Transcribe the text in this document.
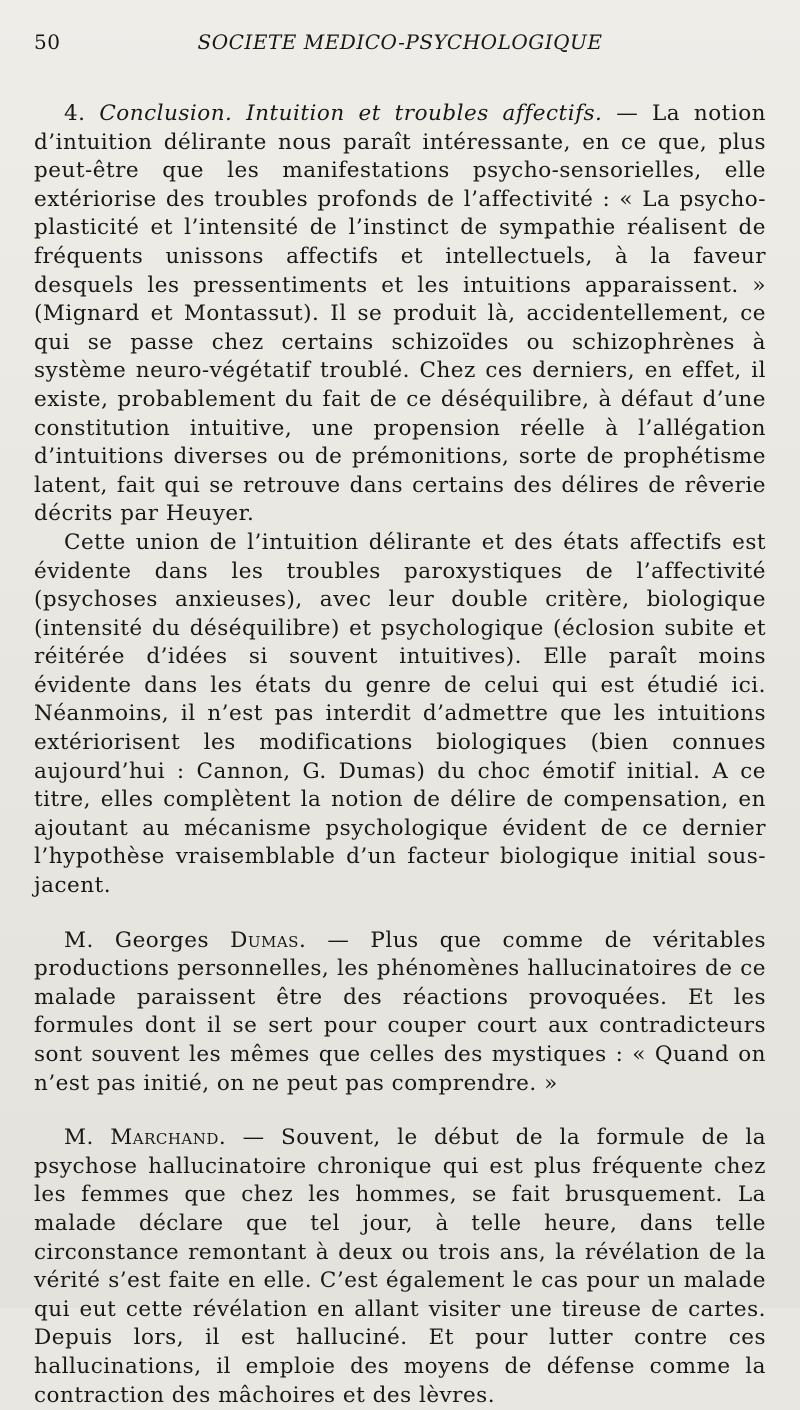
50	SOCIETE MEDICO-PSYCHOLOGIQUE

4. Conclusion. Intuition et troubles affectifs. — La notion d’intuition délirante nous paraît intéressante, en ce que, plus peut-être que les manifestations psycho-sensorielles, elle extériorise des troubles profonds de l’affectivité : « La psycho-plasticité et l’intensité de l’instinct de sympathie réalisent de fréquents unissons affectifs et intellectuels, à la faveur desquels les pressentiments et les intuitions apparaissent. » (Mignard et Montassut). Il se produit là, accidentellement, ce qui se passe chez certains schizoïdes ou schizophrènes à système neuro-végétatif troublé. Chez ces derniers, en effet, il existe, probablement du fait de ce déséquilibre, à défaut d’une constitution intuitive, une propension réelle à l’allégation d’intuitions diverses ou de prémonitions, sorte de prophétisme latent, fait qui se retrouve dans certains des délires de rêverie décrits par Heuyer.

Cette union de l’intuition délirante et des états affectifs est évidente dans les troubles paroxystiques de l’affectivité (psychoses anxieuses), avec leur double critère, biologique (intensité du déséquilibre) et psychologique (éclosion subite et réitérée d’idées si souvent intuitives). Elle paraît moins évidente dans les états du genre de celui qui est étudié ici. Néanmoins, il n’est pas interdit d’admettre que les intuitions extériorisent les modifications biologiques (bien connues aujourd’hui : Cannon, G. Dumas) du choc émotif initial. A ce titre, elles complètent la notion de délire de compensation, en ajoutant au mécanisme psychologique évident de ce dernier l’hypothèse vraisemblable d’un facteur biologique initial sous-jacent.

M. Georges Dumas. — Plus que comme de véritables productions personnelles, les phénomènes hallucinatoires de ce malade paraissent être des réactions provoquées. Et les formules dont il se sert pour couper court aux contradicteurs sont souvent les mêmes que celles des mystiques : « Quand on n’est pas initié, on ne peut pas comprendre. »

M. Marchand. — Souvent, le début de la formule de la psychose hallucinatoire chronique qui est plus fréquente chez les femmes que chez les hommes, se fait brusquement. La malade déclare que tel jour, à telle heure, dans telle circonstance remontant à deux ou trois ans, la révélation de la vérité s’est faite en elle. C’est également le cas pour un malade qui eut cette révélation en allant visiter une tireuse de cartes. Depuis lors, il est halluciné. Et pour lutter contre ces hallucinations, il emploie des moyens de défense comme la contraction des mâchoires et des lèvres.
